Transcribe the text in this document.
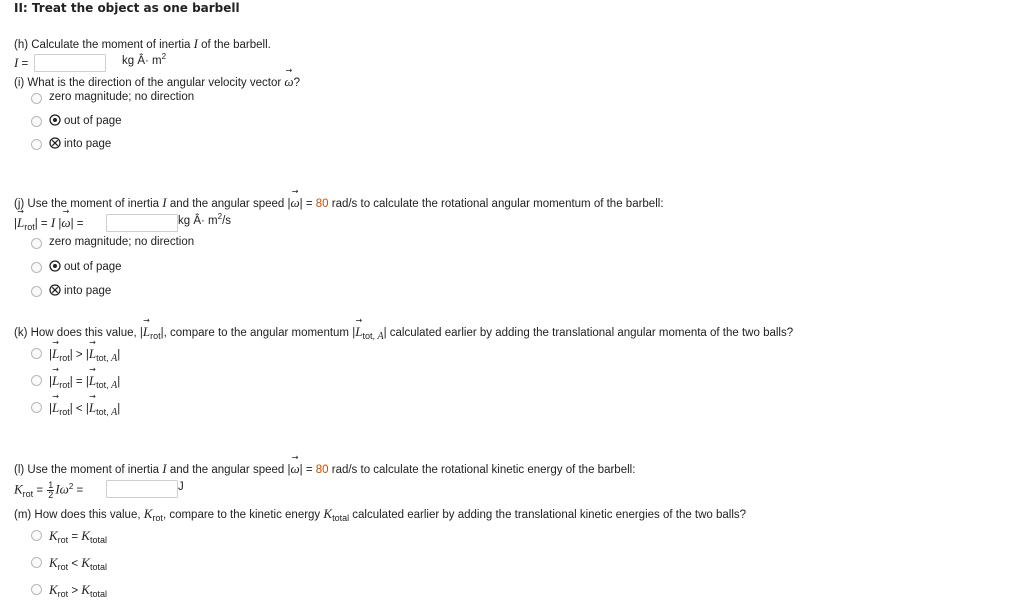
II: Treat the object as one barbell
(h) Calculate the moment of inertia I of the barbell.
I =	kg Â· $m^2$
(i) What is the direction of the angular velocity vector → ω?
zero magnitude; no direction
out of page
into page
(j) Use the moment of inertia I and the angular speed |→ ω| = 80 rad/s to calculate the rotational angular momentum of the barbell:
|→ $L_{rot}| = I$ |→ ω| =	kg Â· $m^2/s$
zero magnitude; no direction
out of page
into page
(k) How does this value, |→ $L_{rot}|$, compare to the angular momentum |→ $L_{tot, A}|$ calculated earlier by adding the translational angular momenta of the two balls?
|→ $L_{rot}|$ > |→ $L_{tot, A}|$
|→ $L_{rot}|$ = |→ $L_{tot, A}|$
|→ $L_{rot}|$ < |→ $L_{tot, A}|$
(l) Use the moment of inertia I and the angular speed |→ ω| = 80 rad/s to calculate the rotational kinetic energy of the barbell:
$K_{rot} = \frac{1}{2} I\omega^2$ =	J
(m) How does this value, $K_{rot}$, compare to the kinetic energy $K_{total}$ calculated earlier by adding the translational kinetic energies of the two balls?
$K_{rot} = K_{total}$
$K_{rot} < K_{total}$
$K_{rot} > K_{total}$
